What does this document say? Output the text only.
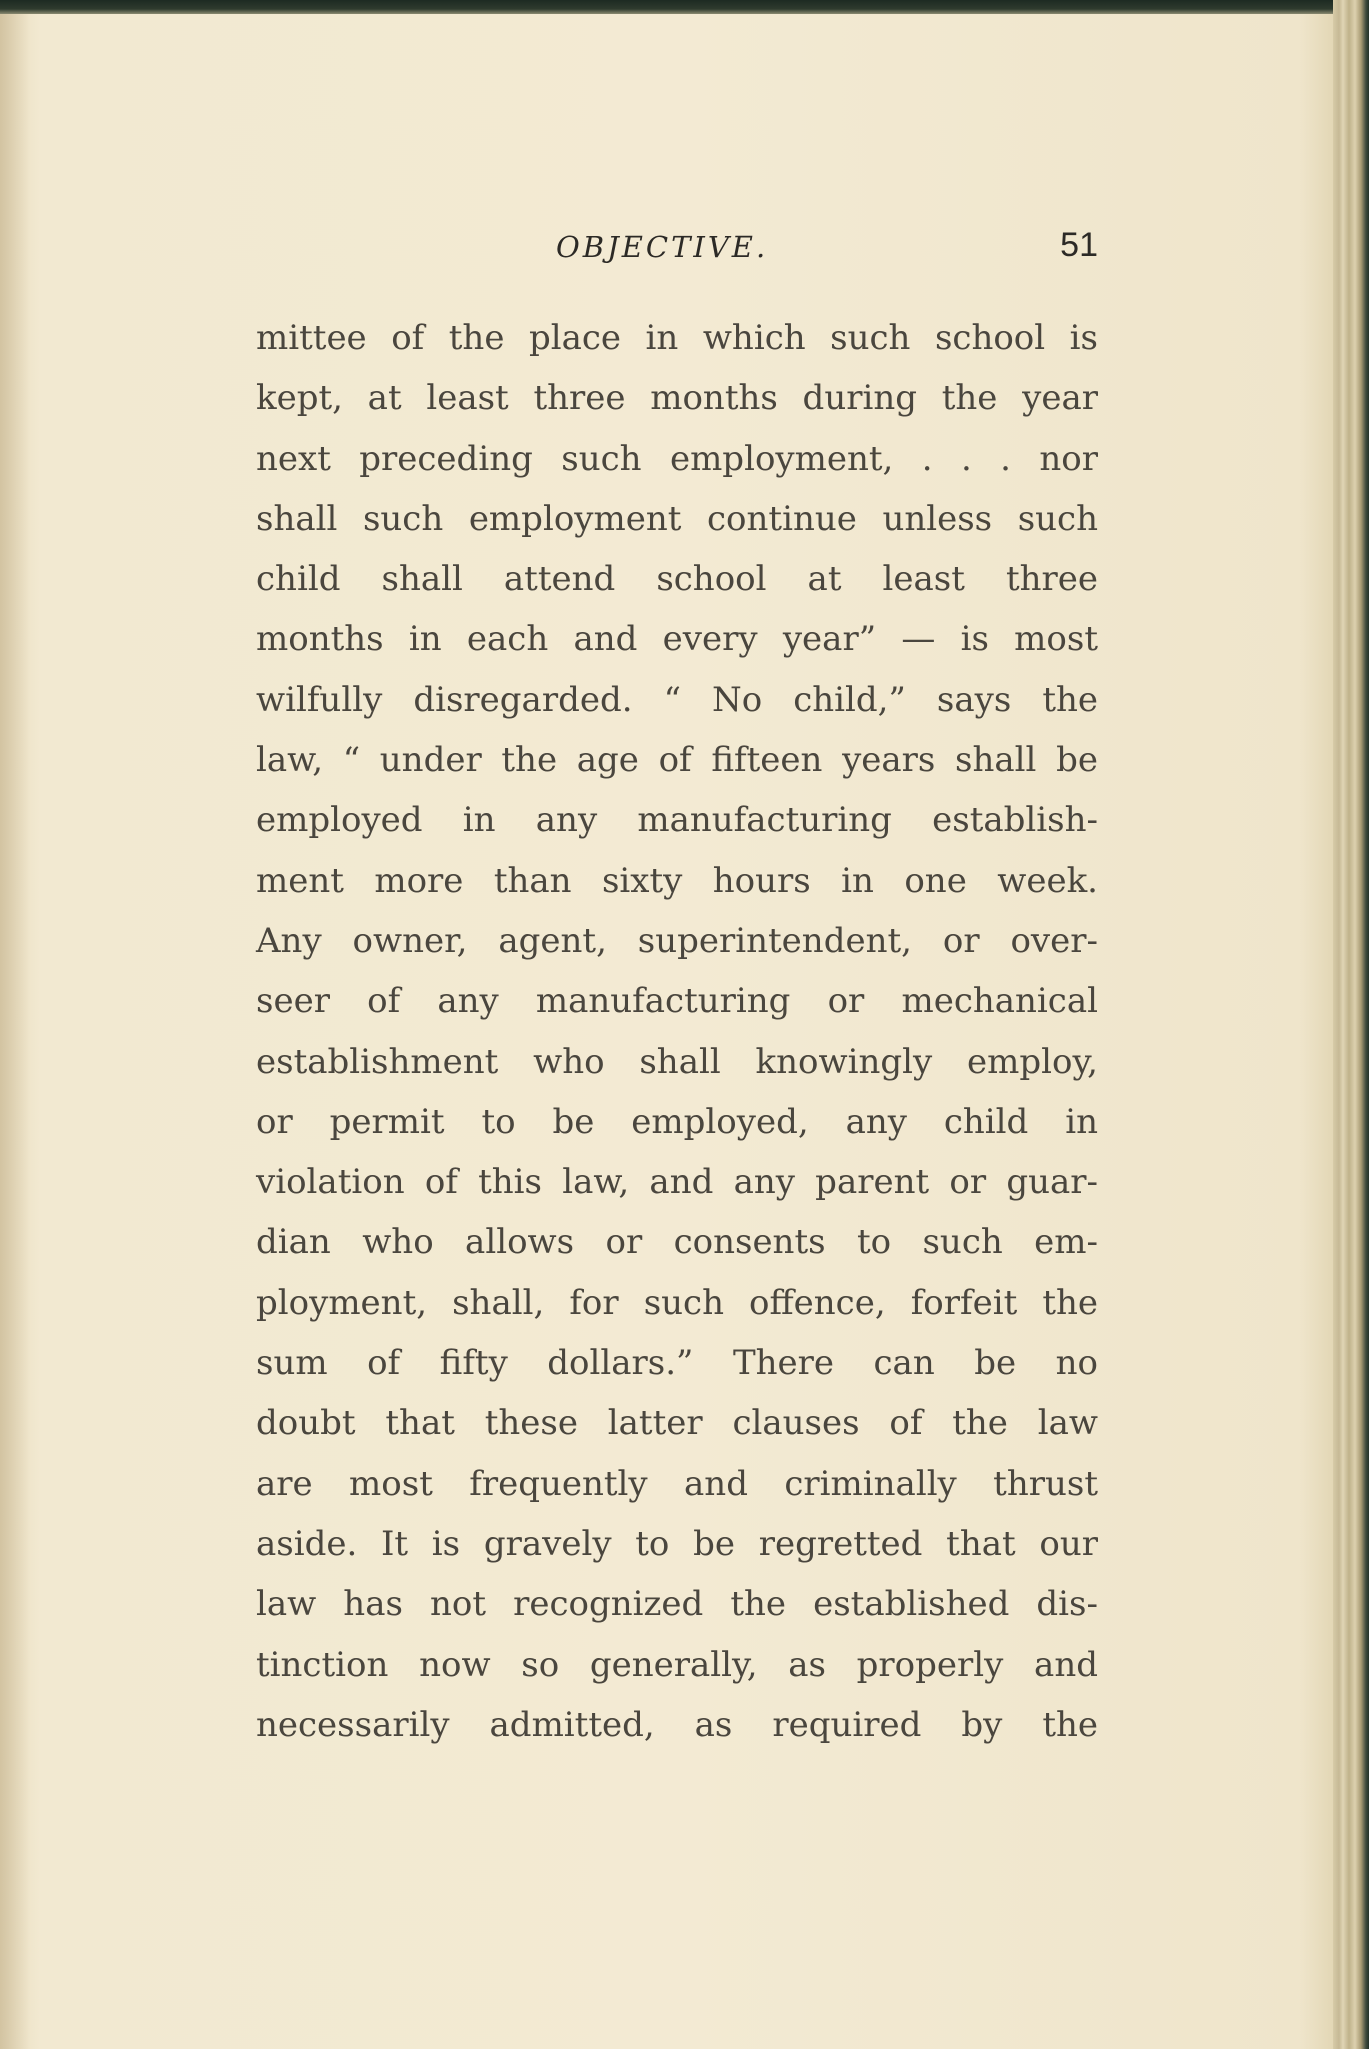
OBJECTIVE.	51
mittee of the place in which such school is
kept, at least three months during the year
next preceding such employment, . . . nor
shall such employment continue unless such
child shall attend school at least three
months in each and every year” — is most
wilfully disregarded. “ No child,” says the
law, “ under the age of fifteen years shall be
employed in any manufacturing establish-
ment more than sixty hours in one week.
Any owner, agent, superintendent, or over-
seer of any manufacturing or mechanical
establishment who shall knowingly employ,
or permit to be employed, any child in
violation of this law, and any parent or guar-
dian who allows or consents to such em-
ployment, shall, for such offence, forfeit the
sum of fifty dollars.” There can be no
doubt that these latter clauses of the law
are most frequently and criminally thrust
aside. It is gravely to be regretted that our
law has not recognized the established dis-
tinction now so generally, as properly and
necessarily admitted, as required by the
